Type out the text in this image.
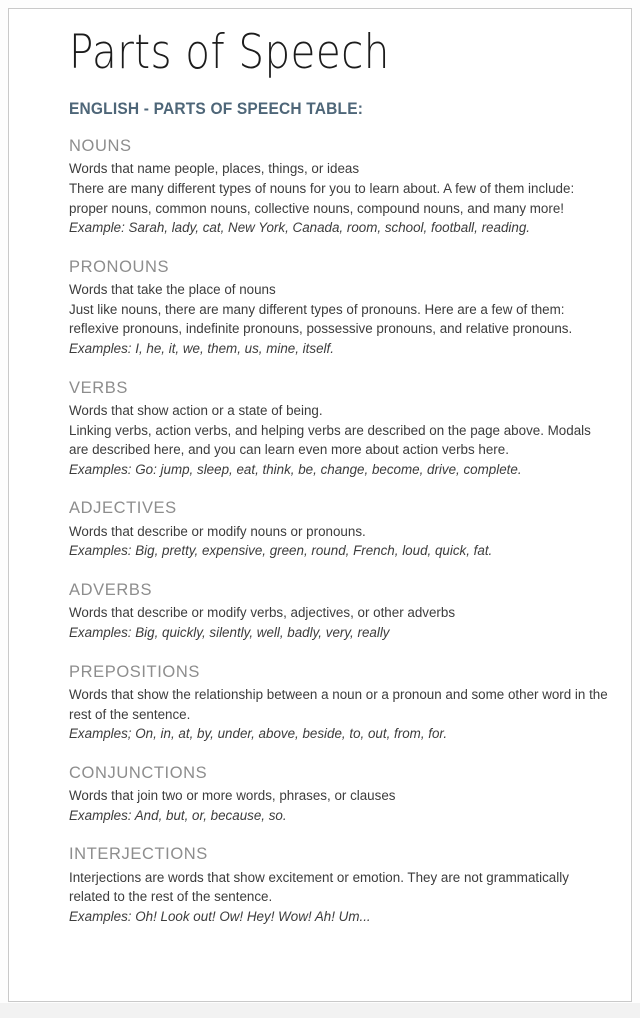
Parts of Speech
ENGLISH - PARTS OF SPEECH TABLE:
NOUNS

Words that name people, places, things, or ideas

There are many different types of nouns for you to learn about. A few of them include: proper nouns, common nouns, collective nouns, compound nouns, and many more!

Example: Sarah, lady, cat, New York, Canada, room, school, football, reading.

PRONOUNS

Words that take the place of nouns

Just like nouns, there are many different types of pronouns. Here are a few of them: reflexive pronouns, indefinite pronouns, possessive pronouns, and relative pronouns.

Examples: I, he, it, we, them, us, mine, itself.

VERBS

Words that show action or a state of being.

Linking verbs, action verbs, and helping verbs are described on the page above. Modals are described here, and you can learn even more about action verbs here.

Examples: Go: jump, sleep, eat, think, be, change, become, drive, complete.

ADJECTIVES

Words that describe or modify nouns or pronouns.

Examples: Big, pretty, expensive, green, round, French, loud, quick, fat.

ADVERBS

Words that describe or modify verbs, adjectives, or other adverbs

Examples: Big, quickly, silently, well, badly, very, really

PREPOSITIONS

Words that show the relationship between a noun or a pronoun and some other word in the rest of the sentence.

Examples; On, in, at, by, under, above, beside, to, out, from, for.

CONJUNCTIONS

Words that join two or more words, phrases, or clauses

Examples: And, but, or, because, so.

INTERJECTIONS

Interjections are words that show excitement or emotion. They are not grammatically related to the rest of the sentence.

Examples: Oh! Look out! Ow! Hey! Wow! Ah! Um...
